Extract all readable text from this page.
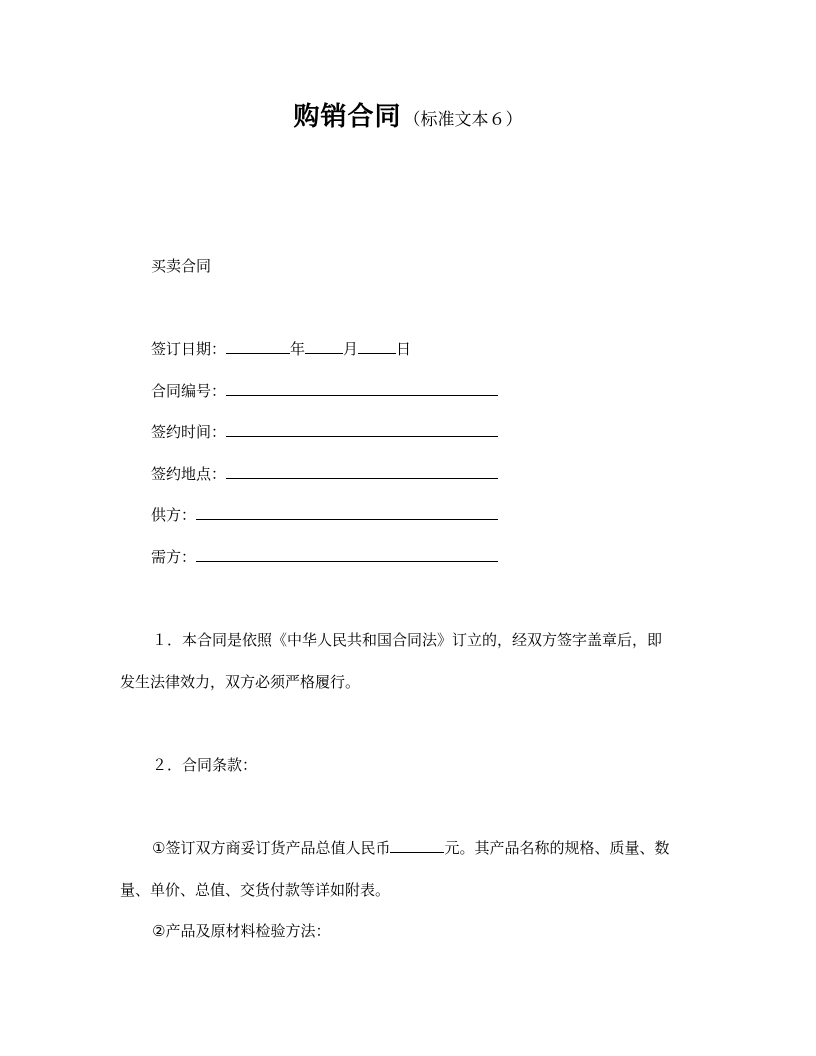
购销合同 （标准文本６）
买卖合同
签订日期：	年	月	日
合同编号：
签约时间：
签约地点：
供方：
需方：
１．本合同是依照《中华人民共和国合同法》订立的，经双方签字盖章后，即
发生法律效力，双方必须严格履行。
２．合同条款：
①签订双方商妥订货产品总值人民币	元。其产品名称的规格、质量、数
量、单价、总值、交货付款等详如附表。
②产品及原材料检验方法：
